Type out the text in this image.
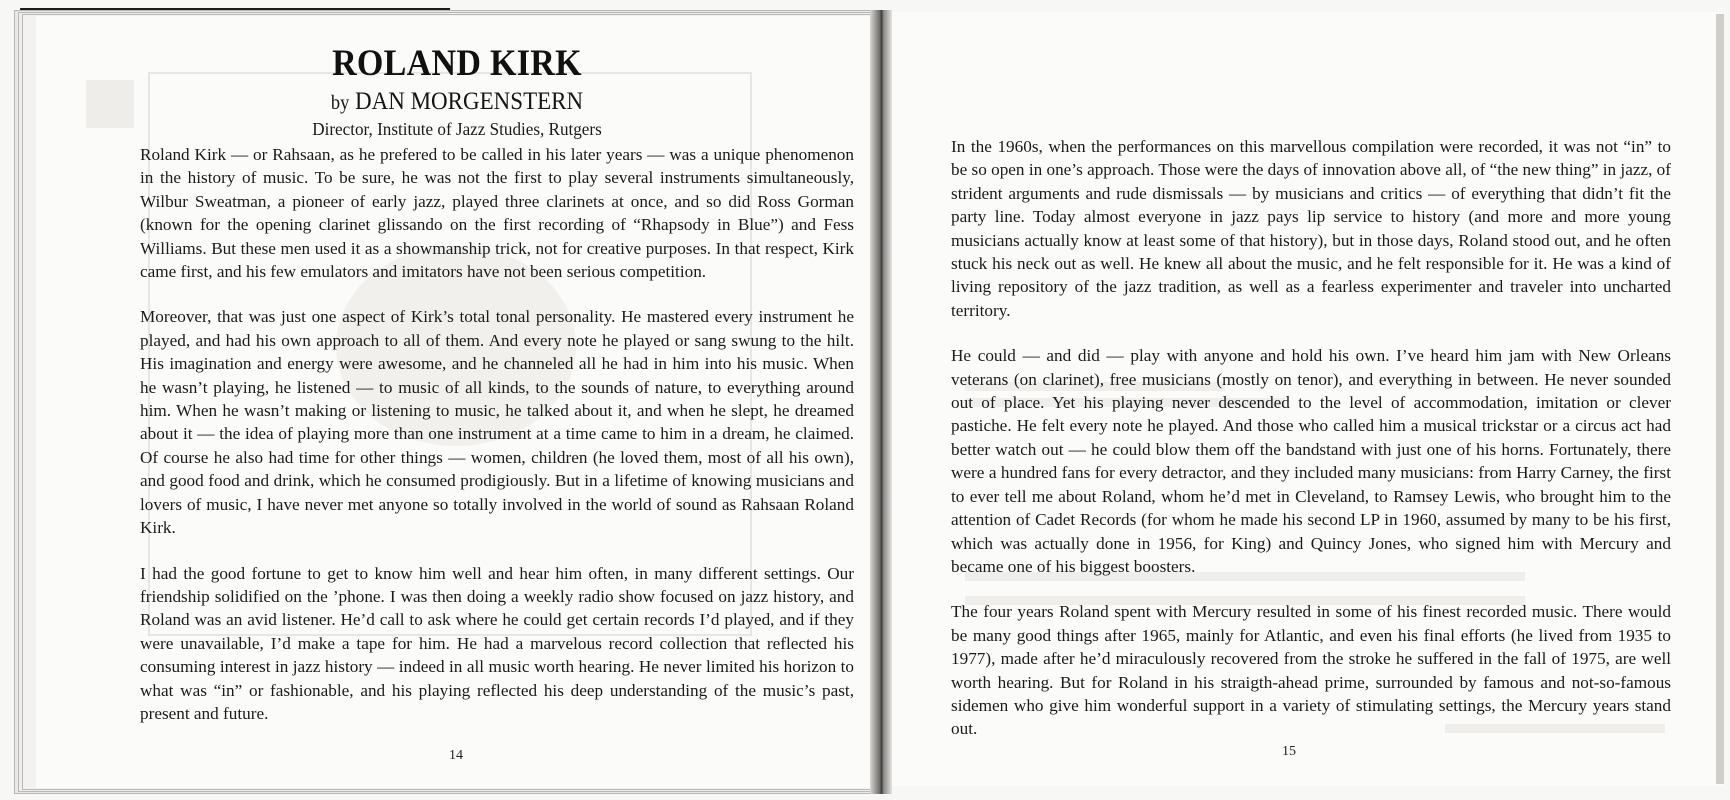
ROLAND KIRK
by DAN MORGENSTERN
Director, Institute of Jazz Studies, Rutgers

Roland Kirk — or Rahsaan, as he prefered to be called in his later years — was a unique phenomenon in the history of music. To be sure, he was not the first to play several instruments simultaneously, Wilbur Sweatman, a pioneer of early jazz, played three clarinets at once, and so did Ross Gorman (known for the opening clarinet glissando on the first recording of “Rhapsody in Blue”) and Fess Williams. But these men used it as a showmanship trick, not for creative purposes. In that respect, Kirk came first, and his few emulators and imitators have not been serious competition.

Moreover, that was just one aspect of Kirk’s total tonal personality. He mastered every instrument he played, and had his own approach to all of them. And every note he played or sang swung to the hilt. His imagination and energy were awesome, and he channeled all he had in him into his music. When he wasn’t playing, he listened — to music of all kinds, to the sounds of nature, to everything around him. When he wasn’t making or listening to music, he talked about it, and when he slept, he dreamed about it — the idea of playing more than one instrument at a time came to him in a dream, he claimed. Of course he also had time for other things — women, children (he loved them, most of all his own), and good food and drink, which he consumed prodigiously. But in a lifetime of knowing musicians and lovers of music, I have never met anyone so totally involved in the world of sound as Rahsaan Roland Kirk.

I had the good fortune to get to know him well and hear him often, in many different settings. Our friendship solidified on the ’phone. I was then doing a weekly radio show focused on jazz history, and Roland was an avid listener. He’d call to ask where he could get certain records I’d played, and if they were unavailable, I’d make a tape for him. He had a marvelous record collection that reflected his consuming interest in jazz history — indeed in all music worth hearing. He never limited his horizon to what was “in” or fashionable, and his playing reflected his deep understanding of the music’s past, present and future.

14

In the 1960s, when the performances on this marvellous compilation were recorded, it was not “in” to be so open in one’s approach. Those were the days of innovation above all, of “the new thing” in jazz, of strident arguments and rude dismissals — by musicians and critics — of everything that didn’t fit the party line. Today almost everyone in jazz pays lip service to history (and more and more young musicians actually know at least some of that history), but in those days, Roland stood out, and he often stuck his neck out as well. He knew all about the music, and he felt responsible for it. He was a kind of living repository of the jazz tradition, as well as a fearless experimenter and traveler into uncharted territory.

He could — and did — play with anyone and hold his own. I’ve heard him jam with New Orleans veterans (on clarinet), free musicians (mostly on tenor), and everything in between. He never sounded out of place. Yet his playing never descended to the level of accommodation, imitation or clever pastiche. He felt every note he played. And those who called him a musical trickstar or a circus act had better watch out — he could blow them off the bandstand with just one of his horns. Fortunately, there were a hundred fans for every detractor, and they included many musicians: from Harry Carney, the first to ever tell me about Roland, whom he’d met in Cleveland, to Ramsey Lewis, who brought him to the attention of Cadet Records (for whom he made his second LP in 1960, assumed by many to be his first, which was actually done in 1956, for King) and Quincy Jones, who signed him with Mercury and became one of his biggest boosters.

The four years Roland spent with Mercury resulted in some of his finest recorded music. There would be many good things after 1965, mainly for Atlantic, and even his final efforts (he lived from 1935 to 1977), made after he’d miraculously recovered from the stroke he suffered in the fall of 1975, are well worth hearing. But for Roland in his straigth-ahead prime, surrounded by famous and not-so-famous sidemen who give him wonderful support in a variety of stimulating settings, the Mercury years stand out.

15
